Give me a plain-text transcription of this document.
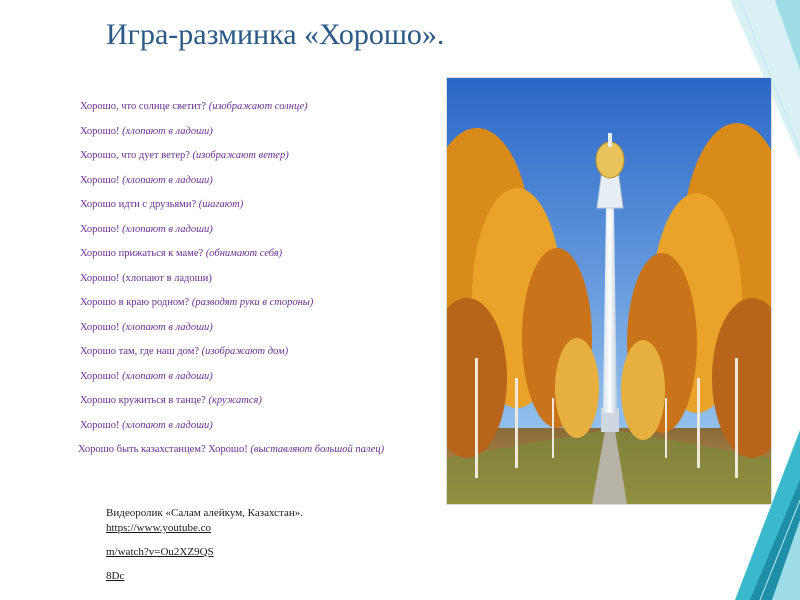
Игра-разминка «Хорошо».
Хорошо, что солнце светит? (изображают солнце)
Хорошо! (хлопают в ладоши)
Хорошо, что дует ветер? (изображают ветер)
Хорошо! (хлопают в ладоши)
Хорошо идти с друзьями? (шагают)
Хорошо! (хлопают в ладоши)
Хорошо прижаться к маме? (обнимают себя)
Хорошо! (хлопают в ладоши)
Хорошо в краю родном? (разводят руки в стороны)
Хорошо! (хлопают в ладоши)
Хорошо там, где наш дом? (изображают дом)
Хорошо! (хлопают в ладоши)
Хорошо кружиться в танце? (кружатся)
Хорошо! (хлопают в ладоши)
Хорошо быть казахстанцем? Хорошо! (выставляют большой палец)
Видеоролик «Салам алейкум, Казахстан».
https://www.youtube.co
m/watch?v=Ou2XZ9QS
8Dc
